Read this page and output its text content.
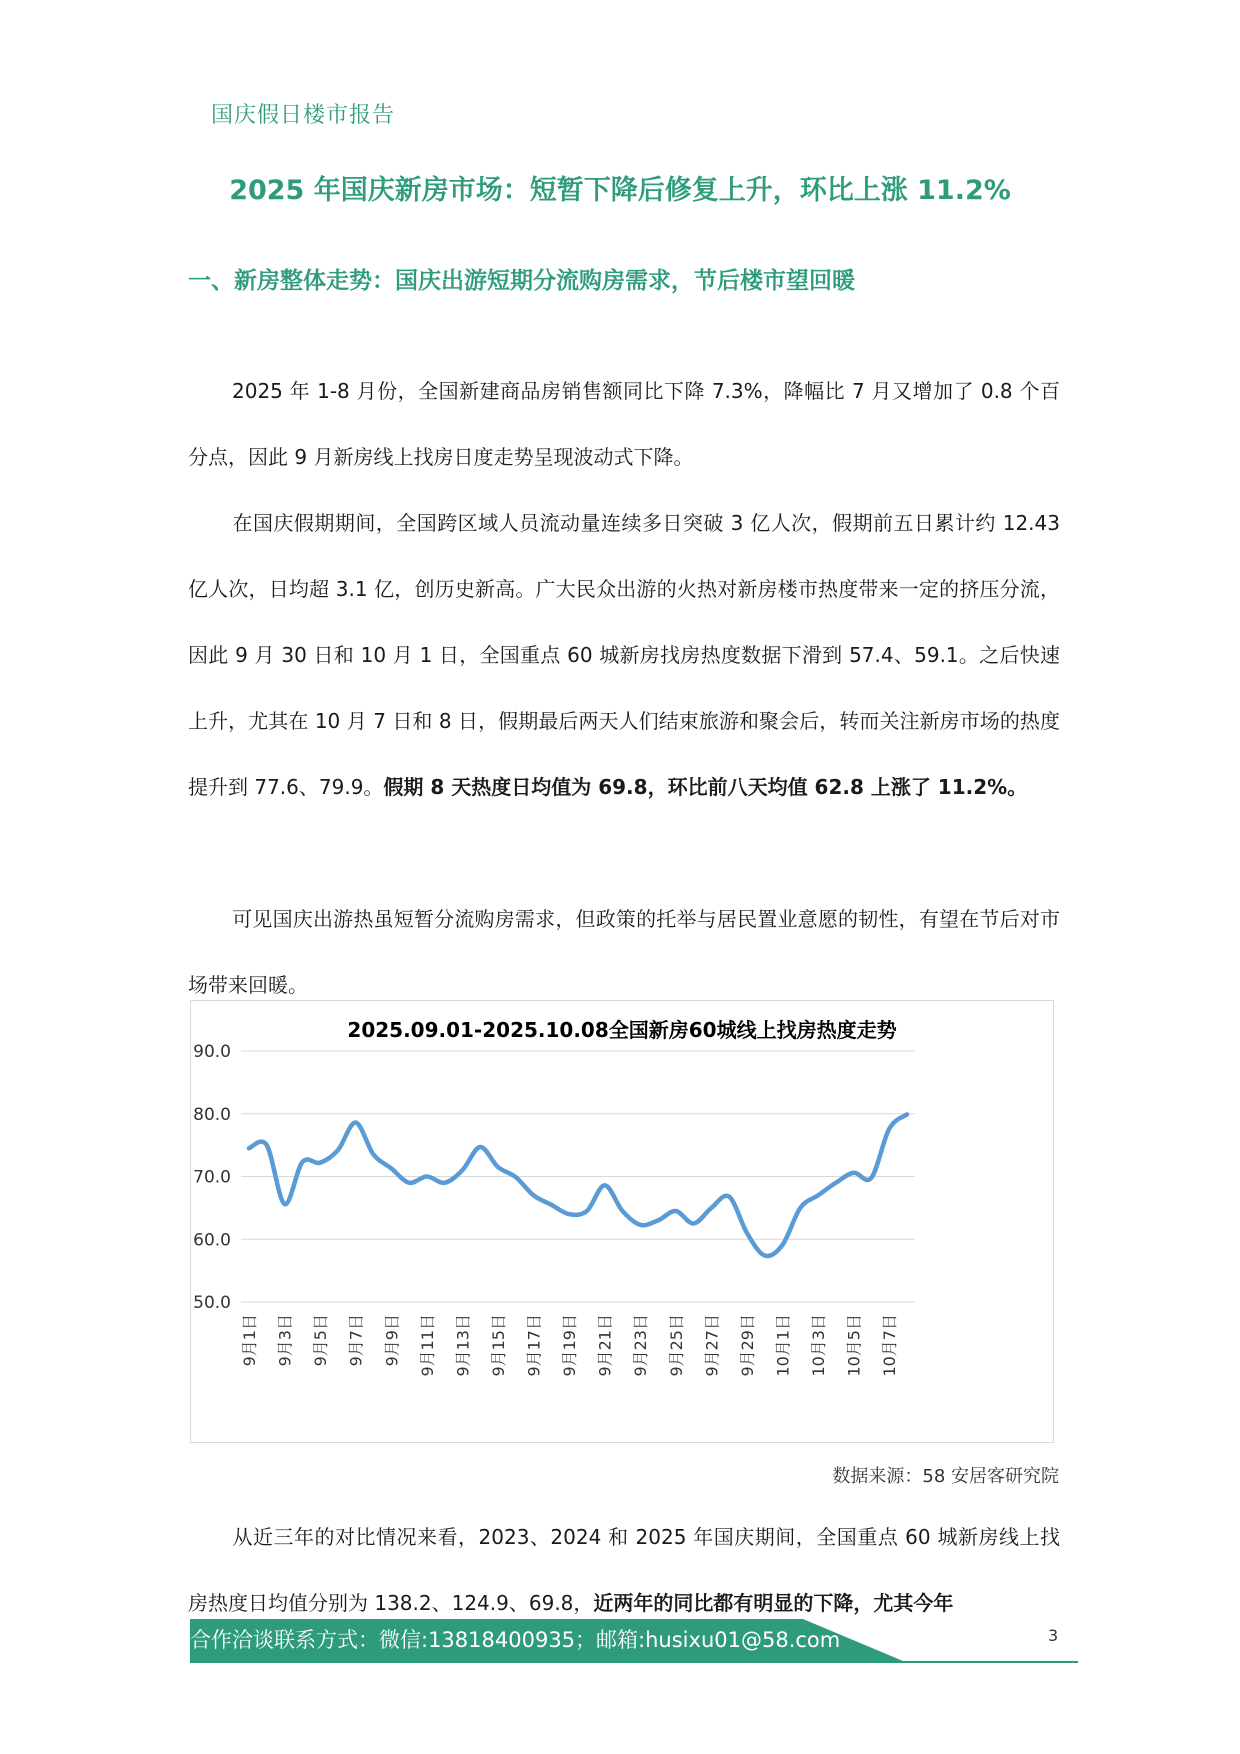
国庆假日楼市报告
2025 年国庆新房市场：短暂下降后修复上升，环比上涨 11.2%
一、新房整体走势：国庆出游短期分流购房需求，节后楼市望回暖
2025 年 1-8 月份，全国新建商品房销售额同比下降 7.3%，降幅比 7 月又增加了 0.8 个百分点，因此 9 月新房线上找房日度走势呈现波动式下降。
在国庆假期期间，全国跨区域人员流动量连续多日突破 3 亿人次，假期前五日累计约 12.43 亿人次，日均超 3.1 亿，创历史新高。广大民众出游的火热对新房楼市热度带来一定的挤压分流，因此 9 月 30 日和 10 月 1 日，全国重点 60 城新房找房热度数据下滑到 57.4、59.1。之后快速上升，尤其在 10 月 7 日和 8 日，假期最后两天人们结束旅游和聚会后，转而关注新房市场的热度提升到 77.6、79.9。假期 8 天热度日均值为 69.8，环比前八天均值 62.8 上涨了 11.2%。
可见国庆出游热虽短暂分流购房需求，但政策的托举与居民置业意愿的韧性，有望在节后对市场带来回暖。
2025.09.01-2025.10.08全国新房60城线上找房热度走势
90.0
80.0
70.0
60.0
50.0
9月1日 9月3日 9月5日 9月7日 9月9日 9月11日 9月13日 9月15日 9月17日 9月19日 9月21日 9月23日 9月25日 9月27日 9月29日 10月1日 10月3日 10月5日 10月7日
数据来源：58 安居客研究院
从近三年的对比情况来看，2023、2024 和 2025 年国庆期间，全国重点 60 城新房线上找房热度日均值分别为 138.2、124.9、69.8，近两年的同比都有明显的下降，尤其今年
合作洽谈联系方式：微信:13818400935；邮箱:husixu01@58.com	3
